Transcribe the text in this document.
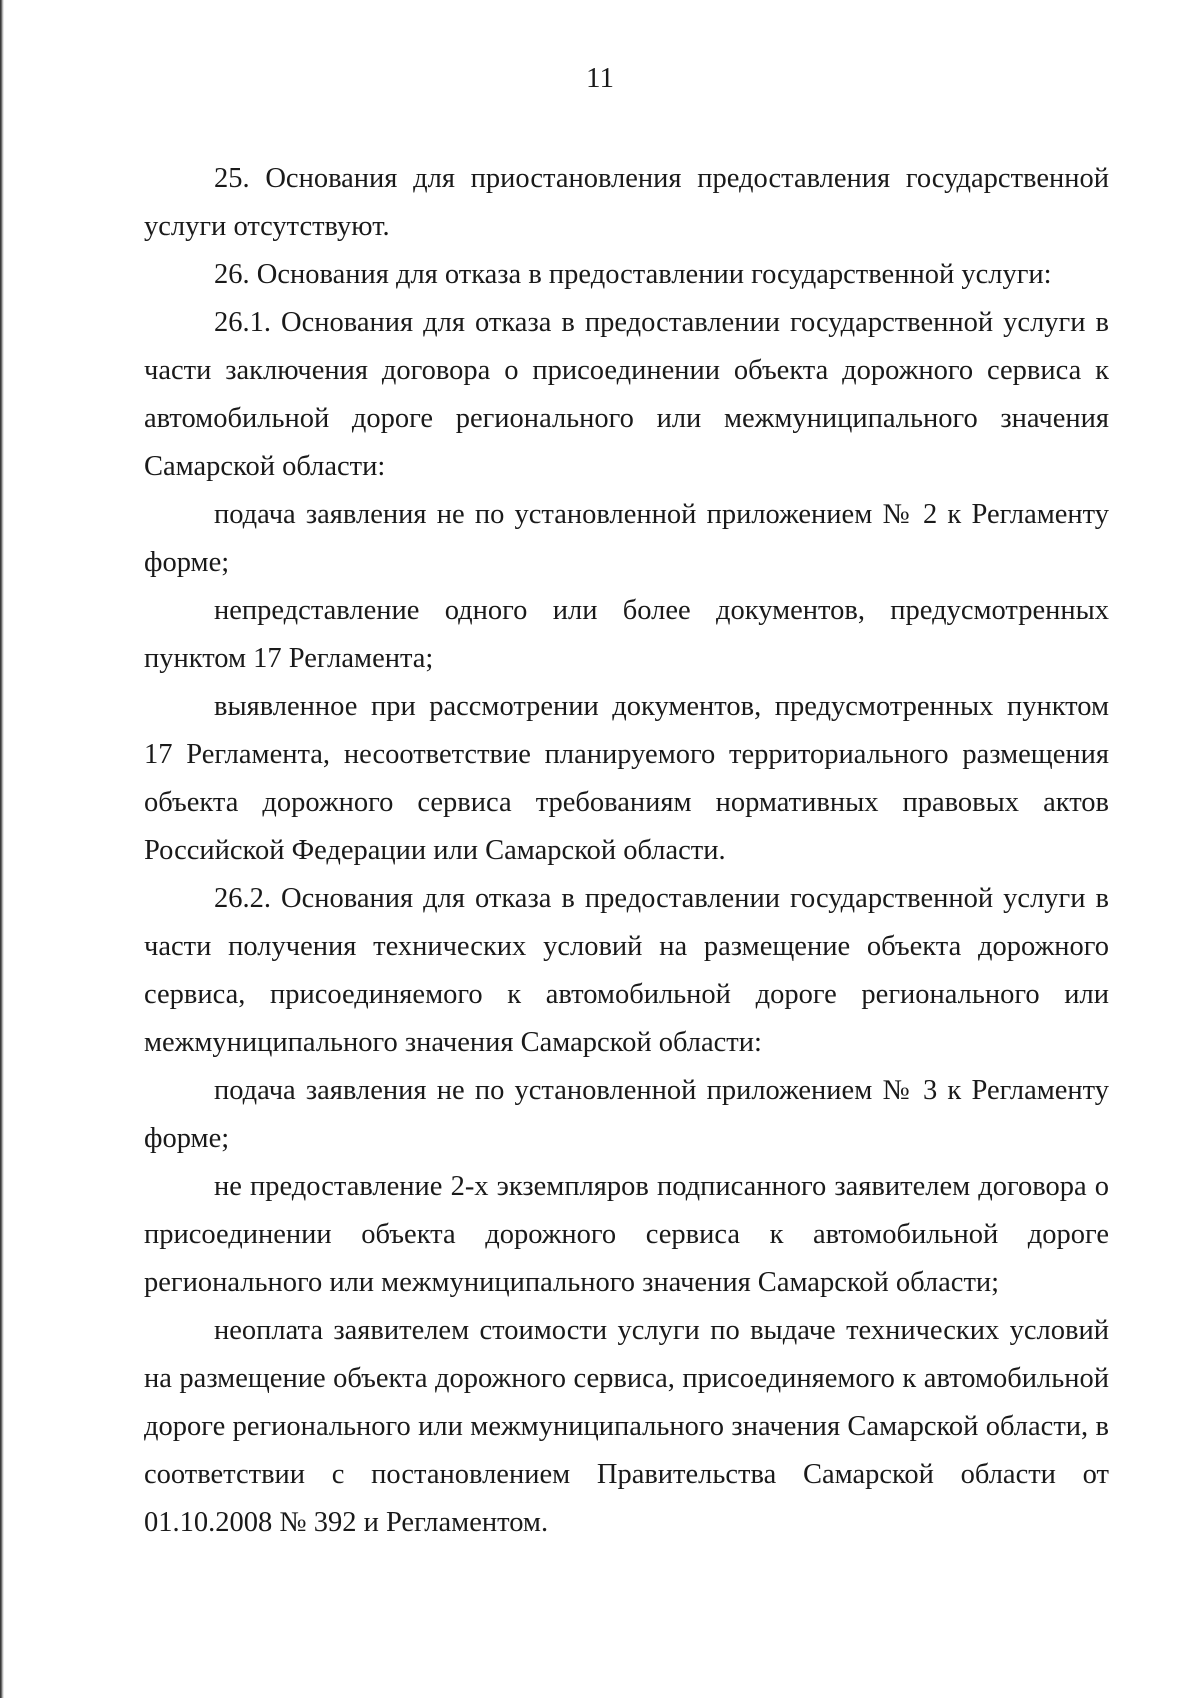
11

25. Основания для приостановления предоставления государственной услуги отсутствуют.

26. Основания для отказа в предоставлении государственной услуги:

26.1. Основания для отказа в предоставлении государственной услуги в части заключения договора о присоединении объекта дорожного сервиса к автомобильной дороге регионального или межмуниципального значения Самарской области:

подача заявления не по установленной приложением № 2 к Регламенту форме;

непредставление одного или более документов, предусмотренных пунктом 17 Регламента;

выявленное при рассмотрении документов, предусмотренных пунктом 17 Регламента, несоответствие планируемого территориального размещения объекта дорожного сервиса требованиям нормативных правовых актов Российской Федерации или Самарской области.

26.2. Основания для отказа в предоставлении государственной услуги в части получения технических условий на размещение объекта дорожного сервиса, присоединяемого к автомобильной дороге регионального или межмуниципального значения Самарской области:

подача заявления не по установленной приложением № 3 к Регламенту форме;

не предоставление 2-х экземпляров подписанного заявителем договора о присоединении объекта дорожного сервиса к автомобильной дороге регионального или межмуниципального значения Самарской области;

неоплата заявителем стоимости услуги по выдаче технических условий на размещение объекта дорожного сервиса, присоединяемого к автомобильной дороге регионального или межмуниципального значения Самарской области, в соответствии с постановлением Правительства Самарской области от 01.10.2008 № 392 и Регламентом.
